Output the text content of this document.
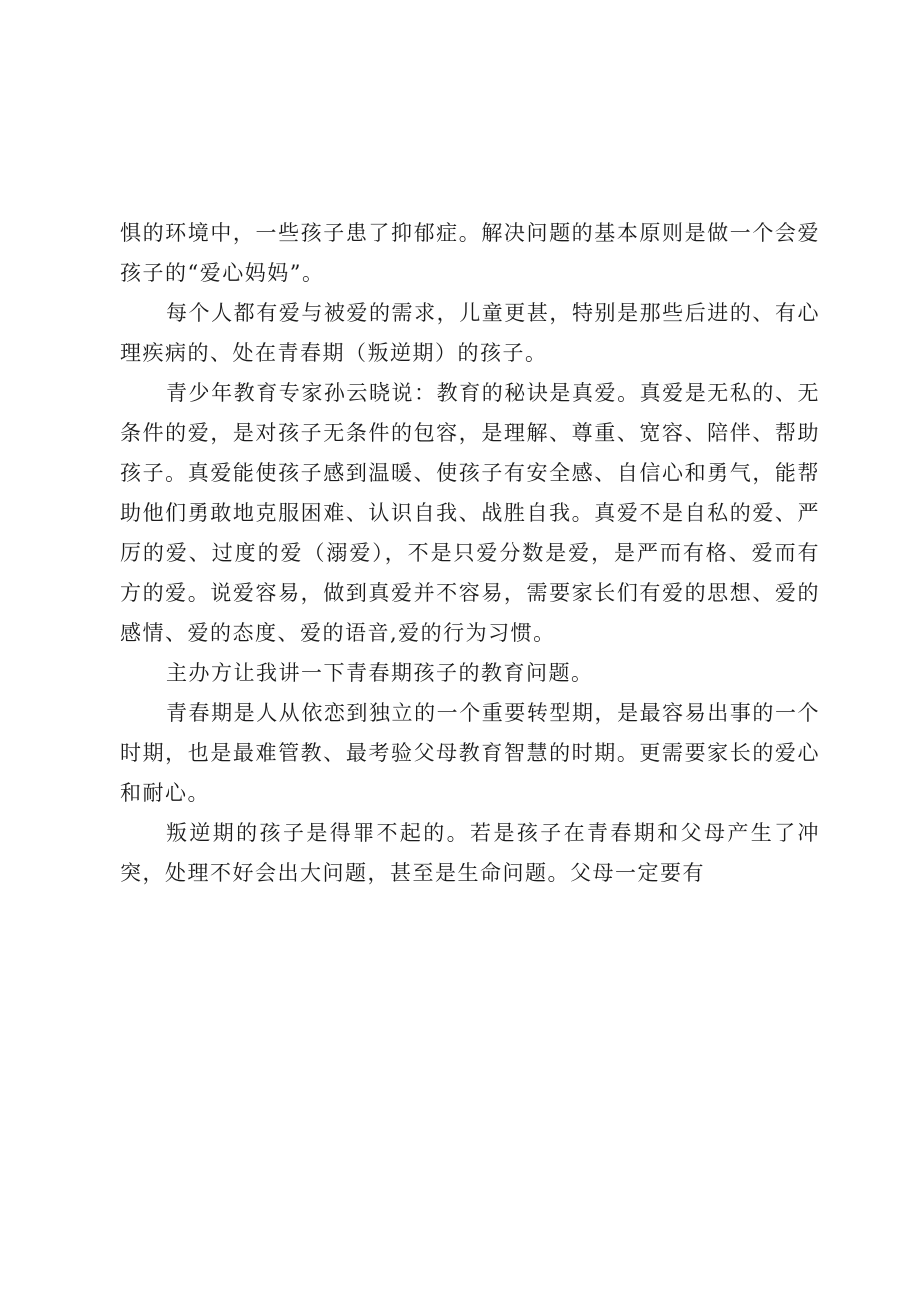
惧的环境中，一些孩子患了抑郁症。解决问题的基本原则是做一个会爱孩子的“爱心妈妈”。

每个人都有爱与被爱的需求，儿童更甚，特别是那些后进的、有心理疾病的、处在青春期（叛逆期）的孩子。

青少年教育专家孙云晓说：教育的秘诀是真爱。真爱是无私的、无条件的爱，是对孩子无条件的包容，是理解、尊重、宽容、陪伴、帮助孩子。真爱能使孩子感到温暖、使孩子有安全感、自信心和勇气，能帮助他们勇敢地克服困难、认识自我、战胜自我。真爱不是自私的爱、严厉的爱、过度的爱（溺爱），不是只爱分数是爱，是严而有格、爱而有方的爱。说爱容易，做到真爱并不容易，需要家长们有爱的思想、爱的感情、爱的态度、爱的语音,爱的行为习惯。

主办方让我讲一下青春期孩子的教育问题。

青春期是人从依恋到独立的一个重要转型期，是最容易出事的一个时期，也是最难管教、最考验父母教育智慧的时期。更需要家长的爱心和耐心。

叛逆期的孩子是得罪不起的。若是孩子在青春期和父母产生了冲突，处理不好会出大问题，甚至是生命问题。父母一定要有
